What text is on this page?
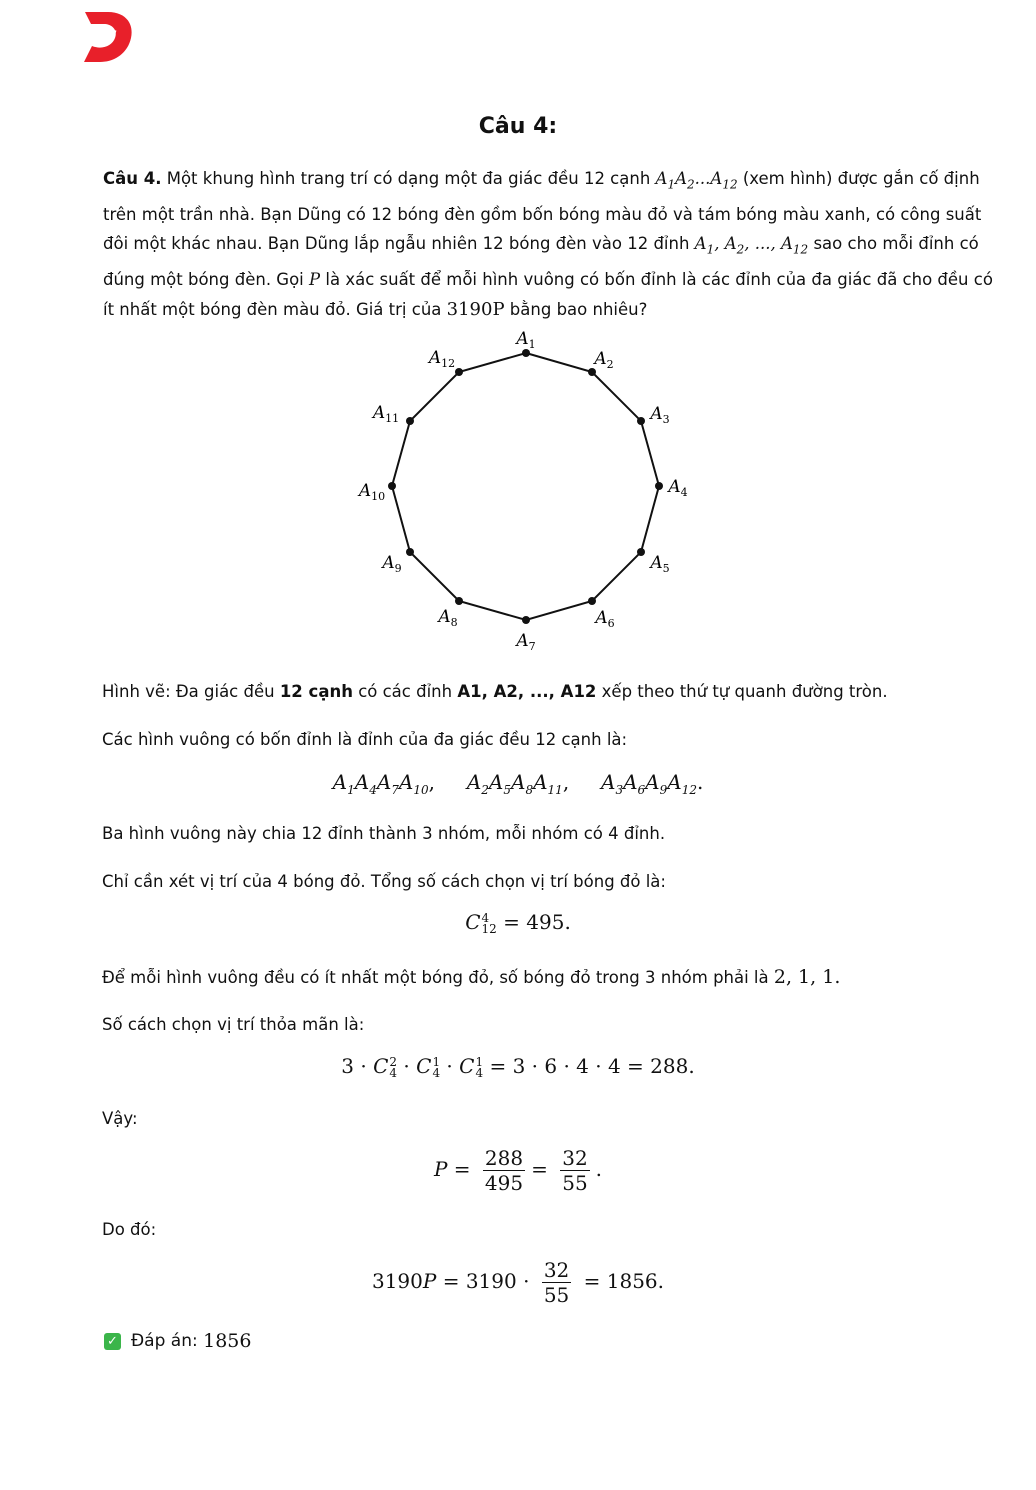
Câu 4:
Câu 4. Một khung hình trang trí có dạng một đa giác đều 12 cạnh $A_1A_2...A_{12}$ (xem hình) được gắn cố định trên một trần nhà. Bạn Dũng có 12 bóng đèn gồm bốn bóng màu đỏ và tám bóng màu xanh, có công suất đôi một khác nhau. Bạn Dũng lắp ngẫu nhiên 12 bóng đèn vào 12 đỉnh $A_1$, $A_2$, ..., $A_{12}$ sao cho mỗi đỉnh có đúng một bóng đèn. Gọi P là xác suất để mỗi hình vuông có bốn đỉnh là các đỉnh của đa giác đã cho đều có ít nhất một bóng đèn màu đỏ. Giá trị của 3190P bằng bao nhiêu?
$A_1$
$A_2$
$A_3$
$A_4$
$A_5$
$A_6$
$A_7$
$A_8$
$A_9$
$A_{10}$
$A_{11}$
$A_{12}$
Hình vẽ: Đa giác đều 12 cạnh có các đỉnh A1, A2, ..., A12 xếp theo thứ tự quanh đường tròn.
Các hình vuông có bốn đỉnh là đỉnh của đa giác đều 12 cạnh là:
$A_1A_4A_7A_{10}$,     $A_2A_5A_8A_{11}$,     $A_3A_6A_9A_{12}$.
Ba hình vuông này chia 12 đỉnh thành 3 nhóm, mỗi nhóm có 4 đỉnh.
Chỉ cần xét vị trí của 4 bóng đỏ. Tổng số cách chọn vị trí bóng đỏ là:
C 4
12 = 495.
Để mỗi hình vuông đều có ít nhất một bóng đỏ, số bóng đỏ trong 3 nhóm phải là 2, 1, 1.
Số cách chọn vị trí thỏa mãn là:
3 · C 2
4 · C 1
4 · C 1
4 = 3 · 6 · 4 · 4 = 288.
Vậy:
$P = \frac{288}{495} = \frac{32}{55}$ .
Do đó:
$3190P = 3190 \cdot \frac{32}{55} = 1856$.
✓ Đáp án:
1856
